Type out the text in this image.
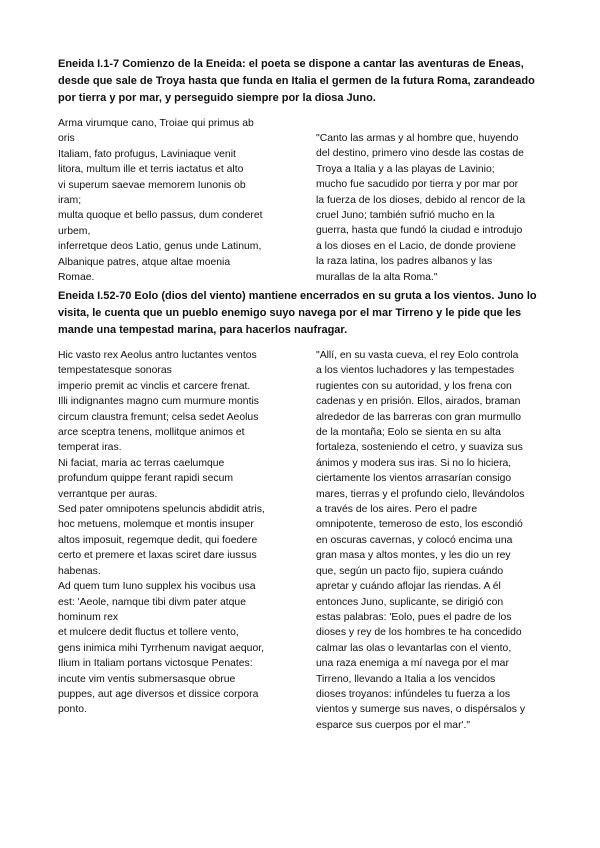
Eneida I.1-7 Comienzo de la Eneida: el poeta se dispone a cantar las aventuras de Eneas, desde que sale de Troya hasta que funda en Italia el germen de la futura Roma, zarandeado por tierra y por mar, y perseguido siempre por la diosa Juno.

Arma virumque cano, Troiae qui primus ab
oris
Italiam, fato profugus, Laviniaque venit
litora, multum ille et terris iactatus et alto
vi superum saevae memorem Iunonis ob
iram;
multa quoque et bello passus, dum conderet
urbem,
inferretque deos Latio, genus unde Latinum,
Albanique patres, atque altae moenia
Romae.
"Canto las armas y al hombre que, huyendo
del destino, primero vino desde las costas de
Troya a Italia y a las playas de Lavinio;
mucho fue sacudido por tierra y por mar por
la fuerza de los dioses, debido al rencor de la
cruel Juno; también sufrió mucho en la
guerra, hasta que fundó la ciudad e introdujo
a los dioses en el Lacio, de donde proviene
la raza latina, los padres albanos y las
murallas de la alta Roma."

Eneida I.52-70 Eolo (dios del viento) mantiene encerrados en su gruta a los vientos. Juno lo visita, le cuenta que un pueblo enemigo suyo navega por el mar Tirreno y le pide que les mande una tempestad marina, para hacerlos naufragar.

Hic vasto rex Aeolus antro luctantes ventos
tempestatesque sonoras
imperio premit ac vinclis et carcere frenat.
Illi indignantes magno cum murmure montis
circum claustra fremunt; celsa sedet Aeolus
arce sceptra tenens, mollitque animos et
temperat iras.
Ni faciat, maria ac terras caelumque
profundum quippe ferant rapidi secum
verrantque per auras.
Sed pater omnipotens speluncis abdidit atris,
hoc metuens, molemque et montis insuper
altos imposuit, regemque dedit, qui foedere
certo et premere et laxas sciret dare iussus
habenas.
Ad quem tum Iuno supplex his vocibus usa
est: 'Aeole, namque tibi divm pater atque
hominum rex
et mulcere dedit fluctus et tollere vento,
gens inimica mihi Tyrrhenum navigat aequor,
Ilium in Italiam portans victosque Penates:
incute vim ventis submersasque obrue
puppes, aut age diversos et dissice corpora
ponto.
"Allí, en su vasta cueva, el rey Eolo controla
a los vientos luchadores y las tempestades
rugientes con su autoridad, y los frena con
cadenas y en prisión. Ellos, airados, braman
alrededor de las barreras con gran murmullo
de la montaña; Eolo se sienta en su alta
fortaleza, sosteniendo el cetro, y suaviza sus
ánimos y modera sus iras. Si no lo hiciera,
ciertamente los vientos arrasarían consigo
mares, tierras y el profundo cielo, llevándolos
a través de los aires. Pero el padre
omnipotente, temeroso de esto, los escondió
en oscuras cavernas, y colocó encima una
gran masa y altos montes, y les dio un rey
que, según un pacto fijo, supiera cuándo
apretar y cuándo aflojar las riendas. A él
entonces Juno, suplicante, se dirigió con
estas palabras: 'Eolo, pues el padre de los
dioses y rey de los hombres te ha concedido
calmar las olas o levantarlas con el viento,
una raza enemiga a mí navega por el mar
Tirreno, llevando a Italia a los vencidos
dioses troyanos: infúndeles tu fuerza a los
vientos y sumerge sus naves, o dispérsalos y
esparce sus cuerpos por el mar'."
